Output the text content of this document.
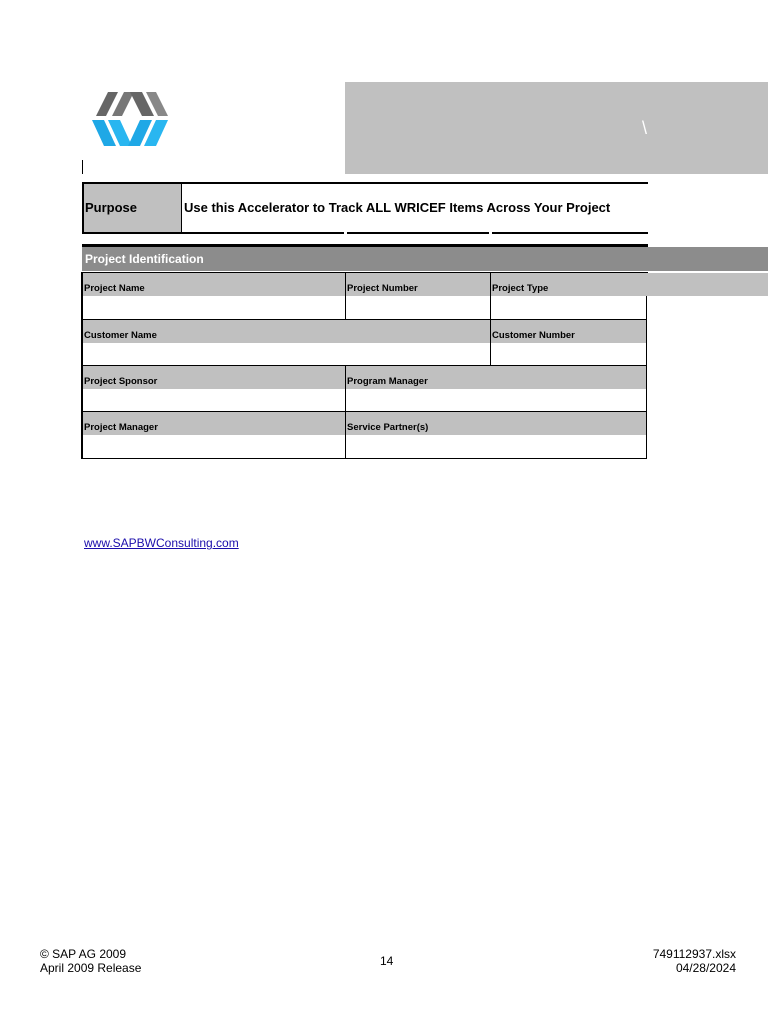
\
Purpose	Use this Accelerator to Track ALL WRICEF Items Across Your Project
Project Identification
Project Name	Project Number	Project Type
Customer Name	Customer Number
Project Sponsor	Program Manager
Project Manager	Service Partner(s)
www.SAPBWConsulting.com
© SAP AG 2009
April 2009 Release	14	749112937.xlsx
04/28/2024
